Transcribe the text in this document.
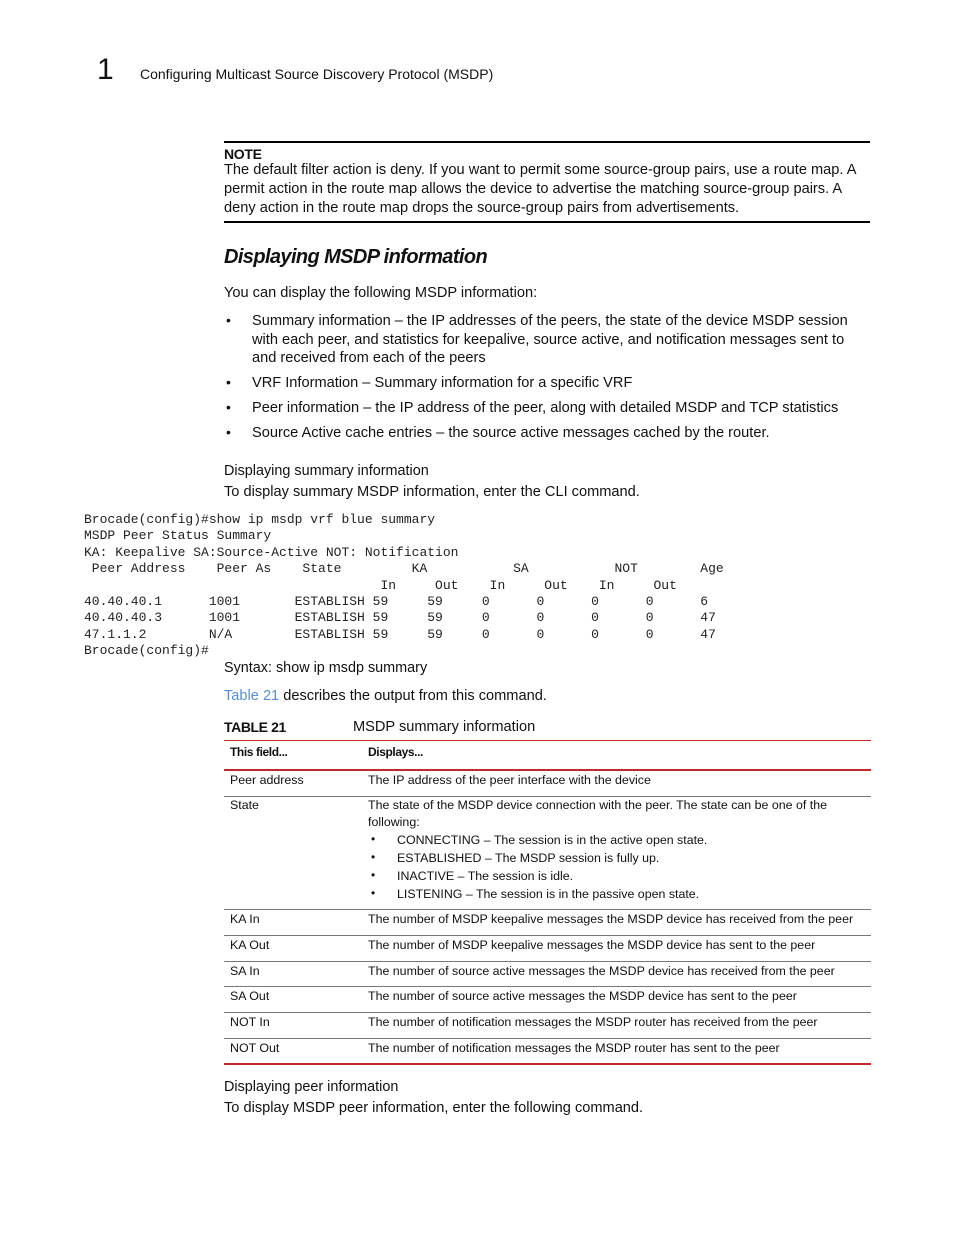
1 Configuring Multicast Source Discovery Protocol (MSDP)
NOTE
The default filter action is deny. If you want to permit some source-group pairs, use a route map. A permit action in the route map allows the device to advertise the matching source-group pairs. A deny action in the route map drops the source-group pairs from advertisements.
Displaying MSDP information
You can display the following MSDP information:
• Summary information – the IP addresses of the peers, the state of the device MSDP session with each peer, and statistics for keepalive, source active, and notification messages sent to and received from each of the peers
• VRF Information – Summary information for a specific VRF
• Peer information – the IP address of the peer, along with detailed MSDP and TCP statistics
• Source Active cache entries – the source active messages cached by the router.
Displaying summary information
To display summary MSDP information, enter the CLI command.
Brocade(config)#show ip msdp vrf blue summary
MSDP Peer Status Summary
KA: Keepalive SA:Source-Active NOT: Notification
Peer Address    Peer As    State         KA           SA           NOT        Age
In     Out    In     Out    In     Out
40.40.40.1      1001       ESTABLISH 59     59     0      0      0      0      6
40.40.40.3      1001       ESTABLISH 59     59     0      0      0      0      47
47.1.1.2        N/A        ESTABLISH 59     59     0      0      0      0      47
Brocade(config)#
Syntax: show ip msdp summary
Table 21 describes the output from this command.
TABLE 21	MSDP summary information
This field...	Displays...
Peer address	The IP address of the peer interface with the device
State	The state of the MSDP device connection with the peer. The state can be one of the following:
• CONNECTING – The session is in the active open state.
• ESTABLISHED – The MSDP session is fully up.
• INACTIVE – The session is idle.
• LISTENING – The session is in the passive open state.
KA In	The number of MSDP keepalive messages the MSDP device has received from the peer
KA Out	The number of MSDP keepalive messages the MSDP device has sent to the peer
SA In	The number of source active messages the MSDP device has received from the peer
SA Out	The number of source active messages the MSDP device has sent to the peer
NOT In	The number of notification messages the MSDP router has received from the peer
NOT Out	The number of notification messages the MSDP router has sent to the peer
Displaying peer information
To display MSDP peer information, enter the following command.
